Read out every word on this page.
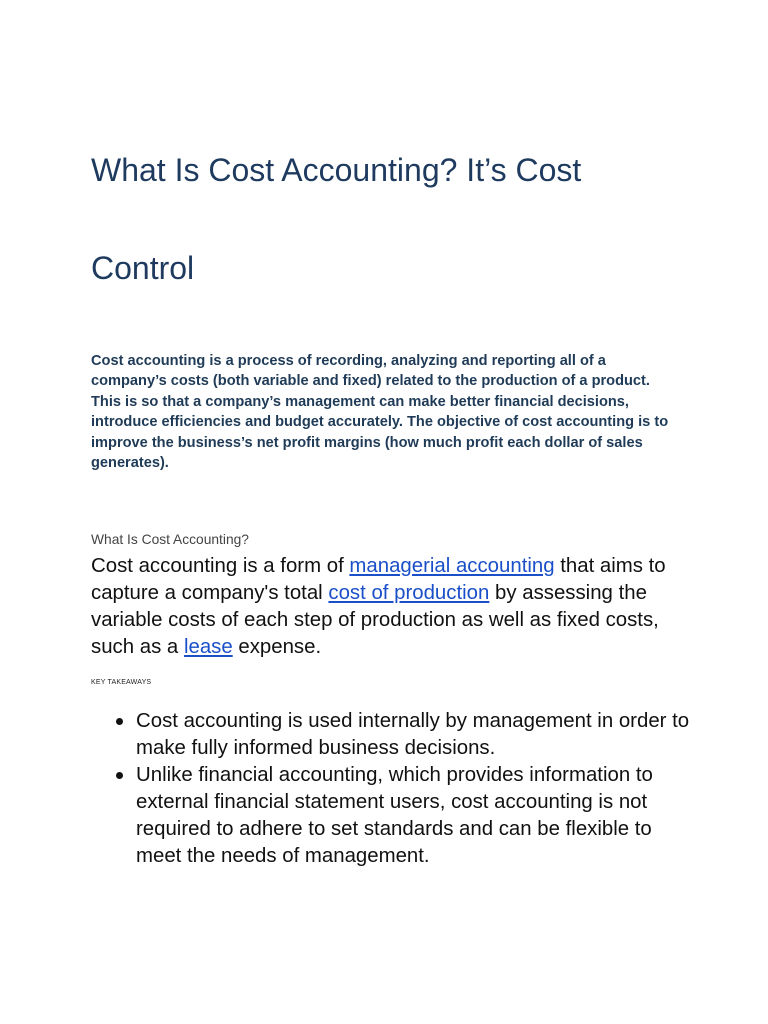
What Is Cost Accounting? It’s Cost
Control

Cost accounting is a process of recording, analyzing and reporting all of a company’s costs (both variable and fixed) related to the production of a product. This is so that a company’s management can make better financial decisions, introduce efficiencies and budget accurately. The objective of cost accounting is to improve the business’s net profit margins (how much profit each dollar of sales generates).

What Is Cost Accounting?

Cost accounting is a form of managerial accounting that aims to capture a company's total cost of production by assessing the variable costs of each step of production as well as fixed costs, such as a lease expense.

KEY TAKEAWAYS

Cost accounting is used internally by management in order to make fully informed business decisions.
Unlike financial accounting, which provides information to external financial statement users, cost accounting is not required to adhere to set standards and can be flexible to meet the needs of management.
